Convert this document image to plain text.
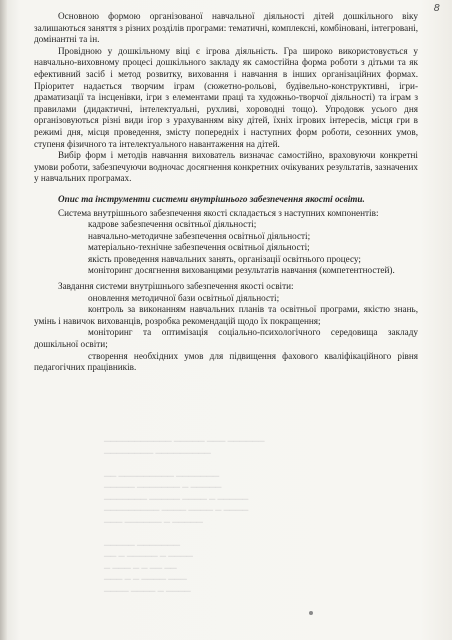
8
▁▁▁▁▁▁▁▁▁▁▁ ▁▁▁▁▁ ▁▁▁ ▁▁▁▁▁▁
▁▁▁▁▁▁▁▁ ▁▁▁▁▁▁▁▁▁

▁▁ ▁▁▁▁▁▁▁▁▁ ▁▁▁▁▁▁▁
▁▁▁▁▁ ▁▁▁▁▁▁▁ ▁ ▁▁▁▁▁
▁▁▁▁▁▁▁ ▁▁▁▁▁ ▁▁▁▁ ▁ ▁▁▁▁▁
▁▁▁▁▁▁▁▁▁ ▁▁▁▁ ▁▁▁▁ ▁ ▁▁▁▁
▁▁▁ ▁▁▁▁▁▁ ▁ ▁▁▁▁▁

▁▁▁▁▁ ▁▁▁▁▁▁▁
▁▁ ▁ ▁▁▁▁▁ ▁ ▁▁▁▁
▁ ▁▁▁ ▁ ▁ ▁▁ ▁▁
▁▁▁ ▁ ▁ ▁▁▁▁ ▁▁▁
▁▁▁▁ ▁▁▁▁ ▁ ▁▁▁▁

Основною формою організованої навчальної діяльності дітей дошкільного віку залишаються заняття з різних розділів програми: тематичні, комплексні, комбіновані, інтегровані, домінантні та ін.

Провідною у дошкільному віці є ігрова діяльність. Гра широко використовується у навчально-виховному процесі дошкільного закладу як самостійна форма роботи з дітьми та як ефективний засіб і метод розвитку, виховання і навчання в інших організаційних формах. Пріоритет надається творчим іграм (сюжетно-рольові, будівельно-конструктивні, ігри-драматизації та інсценівки, ігри з елементами праці та художньо-творчої діяльності) та іграм з правилами (дидактичні, інтелектуальні, рухливі, хороводні тощо). Упродовж усього дня організовуються різні види ігор з урахуванням віку дітей, їхніх ігрових інтересів, місця гри в режимі дня, місця проведення, змісту попередніх і наступних форм роботи, сезонних умов, ступеня фізичного та інтелектуального навантаження на дітей.

Вибір форм і методів навчання вихователь визначає самостійно, враховуючи конкретні умови роботи, забезпечуючи водночас досягнення конкретних очікуваних результатів, зазначених у навчальних програмах.

Опис та інструменти системи внутрішнього забезпечення якості освіти.

Система внутрішнього забезпечення якості складається з наступних компонентів:

кадрове забезпечення освітньої діяльності;

навчально-методичне забезпечення освітньої діяльності;

матеріально-технічне забезпечення освітньої діяльності;

якість проведення навчальних занять, організації освітнього процесу;

моніторинг досягнення вихованцями результатів навчання (компетентностей).

Завдання системи внутрішнього забезпечення якості освіти:

оновлення методичної бази освітньої діяльності;

контроль за виконанням навчальних планів та освітньої програми, якістю знань, умінь і навичок вихованців, розробка рекомендацій щодо їх покращення;

моніторинг та оптимізація соціально-психологічного середовища закладу дошкільної освіти;

створення необхідних умов для підвищення фахового кваліфікаційного рівня педагогічних працівників.
